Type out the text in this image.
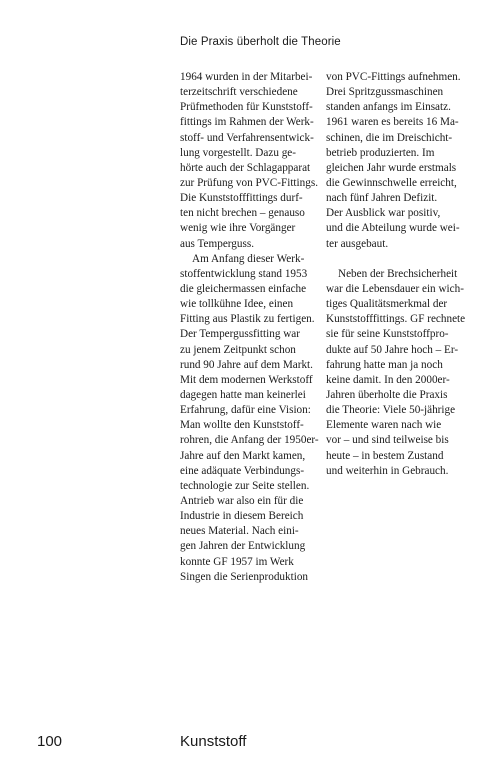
Die Praxis überholt die Theorie
1964 wurden in der Mitarbei-
terzeitschrift verschiedene
Prüfmethoden für Kunststoff-
fittings im Rahmen der Werk-
stoff- und Verfahrensentwick-
lung vorgestellt. Dazu ge-
hörte auch der Schlagapparat
zur Prüfung von PVC-Fittings.
Die Kunststofffittings durf-
ten nicht brechen – genauso
wenig wie ihre Vorgänger
aus Temperguss.
Am Anfang dieser Werk-
stoffentwicklung stand 1953
die gleichermassen einfache
wie tollkühne Idee, einen
Fitting aus Plastik zu fertigen.
Der Tempergussfitting war
zu jenem Zeitpunkt schon
rund 90 Jahre auf dem Markt.
Mit dem modernen Werkstoff
dagegen hatte man keinerlei
Erfahrung, dafür eine Vision:
Man wollte den Kunststoff-
rohren, die Anfang der 1950er-
Jahre auf den Markt kamen,
eine adäquate Verbindungs-
technologie zur Seite stellen.
Antrieb war also ein für die
Industrie in diesem Bereich
neues Material. Nach eini-
gen Jahren der Entwicklung
konnte GF 1957 im Werk
Singen die Serienproduktion
von PVC-Fittings aufnehmen.
Drei Spritzgussmaschinen
standen anfangs im Einsatz.
1961 waren es bereits 16 Ma-
schinen, die im Dreischicht-
betrieb produzierten. Im
gleichen Jahr wurde erstmals
die Gewinnschwelle erreicht,
nach fünf Jahren Defizit.
Der Ausblick war positiv,
und die Abteilung wurde wei-
ter ausgebaut.

Neben der Brechsicherheit
war die Lebensdauer ein wich-
tiges Qualitätsmerkmal der
Kunststofffittings. GF rechnete
sie für seine Kunststoffpro-
dukte auf 50 Jahre hoch – Er-
fahrung hatte man ja noch
keine damit. In den 2000er-
Jahren überholte die Praxis
die Theorie: Viele 50-jährige
Elemente waren nach wie
vor – und sind teilweise bis
heute – in bestem Zustand
und weiterhin in Gebrauch.
100	Kunststoff
